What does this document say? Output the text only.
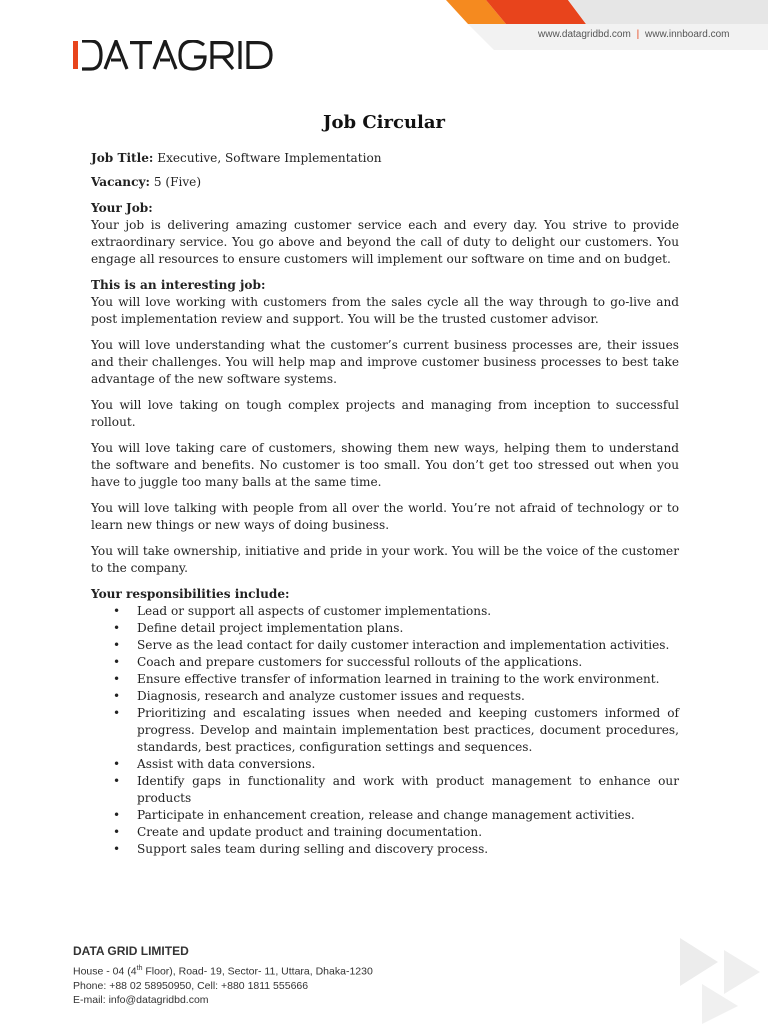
www.datagridbd.com | www.innboard.com
Job Circular
Job Title: Executive, Software Implementation
Vacancy: 5 (Five)
Your Job:

Your job is delivering amazing customer service each and every day. You strive to provide extraordinary service. You go above and beyond the call of duty to delight our customers. You engage all resources to ensure customers will implement our software on time and on budget.

This is an interesting job:

You will love working with customers from the sales cycle all the way through to go-live and post implementation review and support. You will be the trusted customer advisor.

You will love understanding what the customer’s current business processes are, their issues and their challenges. You will help map and improve customer business processes to best take advantage of the new software systems.

You will love taking on tough complex projects and managing from inception to successful rollout.

You will love taking care of customers, showing them new ways, helping them to understand the software and benefits. No customer is too small. You don’t get too stressed out when you have to juggle too many balls at the same time.

You will love talking with people from all over the world. You’re not afraid of technology or to learn new things or new ways of doing business.

You will take ownership, initiative and pride in your work. You will be the voice of the customer to the company.

Your responsibilities include:
• Lead or support all aspects of customer implementations.
• Define detail project implementation plans.
• Serve as the lead contact for daily customer interaction and implementation activities.
• Coach and prepare customers for successful rollouts of the applications.
• Ensure effective transfer of information learned in training to the work environment.
• Diagnosis, research and analyze customer issues and requests.
• Prioritizing and escalating issues when needed and keeping customers informed of progress. Develop and maintain implementation best practices, document procedures, standards, best practices, configuration settings and sequences.
• Assist with data conversions.
• Identify gaps in functionality and work with product management to enhance our products
• Participate in enhancement creation, release and change management activities.
• Create and update product and training documentation.
• Support sales team during selling and discovery process.
DATA GRID LIMITED
House - 04 (4th Floor), Road- 19, Sector- 11, Uttara, Dhaka-1230
Phone: +88 02 58950950, Cell: +880 1811 555666
E-mail: info@datagridbd.com
